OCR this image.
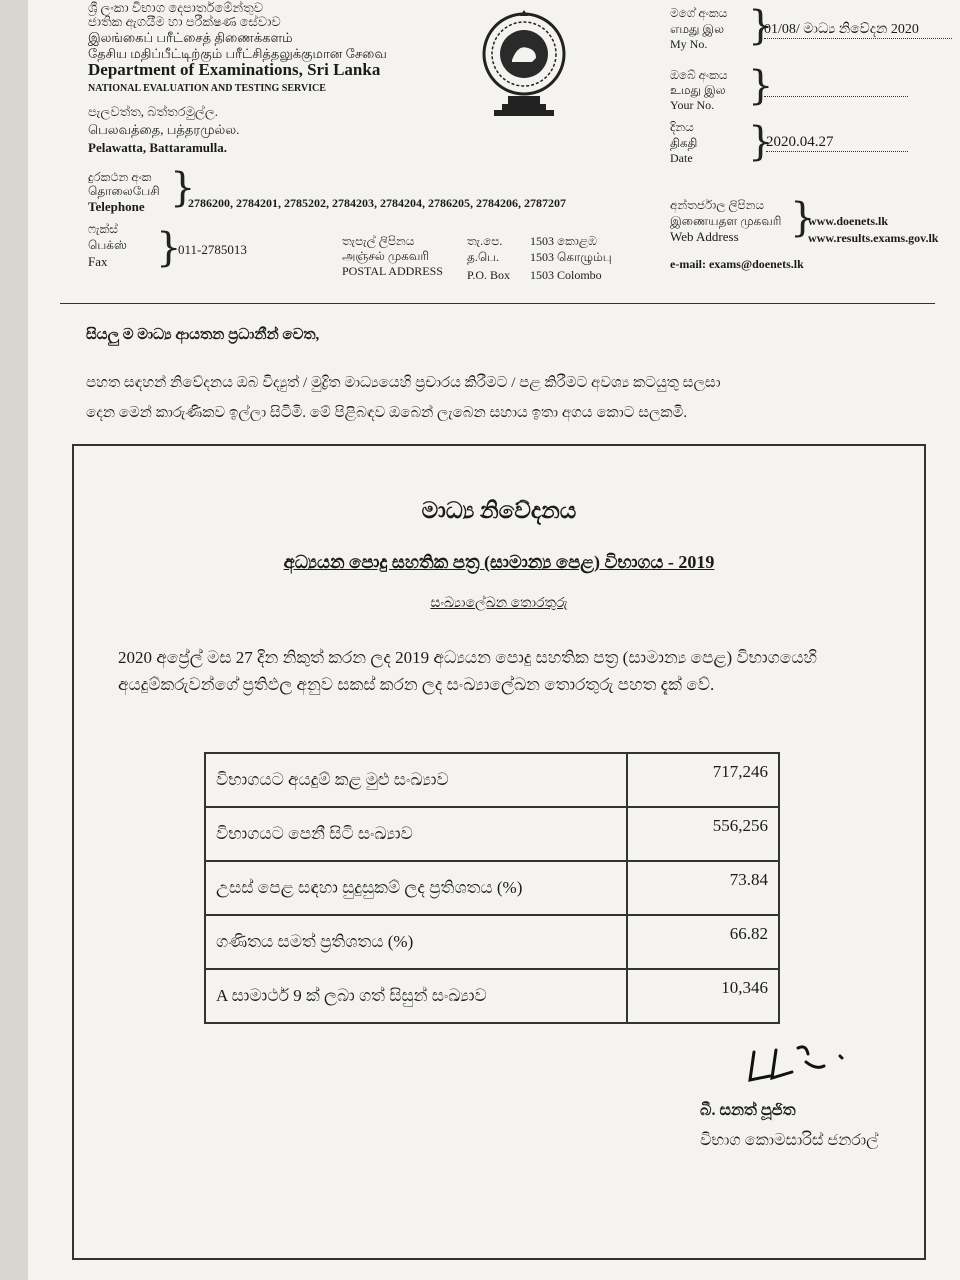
ශ්‍රී ලංකා විභාග දෙපාර්තමේන්තුව
ජාතික ඇගයීම හා පරීක්ෂණ සේවාව
இலங்கைப் பரீட்சைத் திணைக்களம்
தேசிய மதிப்பீட்டிற்கும் பரீட்சித்தலுக்குமான சேவை
Department of Examinations, Sri Lanka
NATIONAL EVALUATION AND TESTING SERVICE
පැලවත්ත, බත්තරමුල්ල.
பெலவத்தை, பத்தரமுல்ல.
Pelawatta, Battaramulla.
දුරකථන අංක
தொலைபேசி
Telephone }
2786200, 2784201, 2785202, 2784203, 2784204, 2786205, 2784206, 2787207
ෆැක්ස්
பெக்ஸ்
Fax }
011-2785013
තැපැල් ලිපිනය
அஞ்சல் முகவரி
POSTAL ADDRESS
තැ.පෙ.
த.பெ.
P.O. Box
1503 කොළඹ
1503 கொழும்பு
1503 Colombo
මගේ අංකය
எமது இல
My No. }
01/08/ මාධ්‍ය නිවේදන 2020
ඔබේ අංකය
உமது இல
Your No. }
දිනය
திகதி
Date }
2020.04.27
අන්තර්ජාල ලිපිනය
இணையதள முகவரி
Web Address }
www.doenets.lk
www.results.exams.gov.lk
e-mail: exams@doenets.lk
සියලු ම මාධ්‍ය ආයතන ප්‍රධානීන් වෙත,
පහත සඳහන් නිවේදනය ඔබ විද්‍යුත් / මුද්‍රිත මාධ්‍යයෙහි ප්‍රචාරය කිරීමට / පළ කිරීමට අවශ්‍ය කටයුතු සලසා
දෙන මෙන් කාරුණිකව ඉල්ලා සිටිමි. මේ පිළිබඳව ඔබෙන් ලැබෙන සහාය ඉතා අගය කොට සලකමි.
මාධ්‍ය නිවේදනය
අධ්‍යයන පොදු සහතික පත්‍ර (සාමාන්‍ය පෙළ) විභාගය - 2019
සංඛ්‍යාලේඛන තොරතුරු
2020 අප්‍රේල් මස 27 දින නිකුත් කරන ලද 2019 අධ්‍යයන පොදු සහතික පත්‍ර (සාමාන්‍ය පෙළ) විභාගයෙහි අයදුම්කරුවන්ගේ ප්‍රතිඵල අනුව සකස් කරන ලද සංඛ්‍යාලේඛන තොරතුරු පහත දැක් වේ.
විභාගයට අයදුම් කළ මුළු සංඛ්‍යාව	717,246
විභාගයට පෙනී සිටි සංඛ්‍යාව	556,256
උසස් පෙළ සඳහා සුදුසුකම් ලද ප්‍රතිශතය (%)	73.84
ගණිතය සමත් ප්‍රතිශතය (%)	66.82
A සාමාර්ථ 9 ක් ලබා ගත් සිසුන් සංඛ්‍යාව	10,346
බී. සනත් පූජිත
විභාග කොමසාරිස් ජනරාල්
